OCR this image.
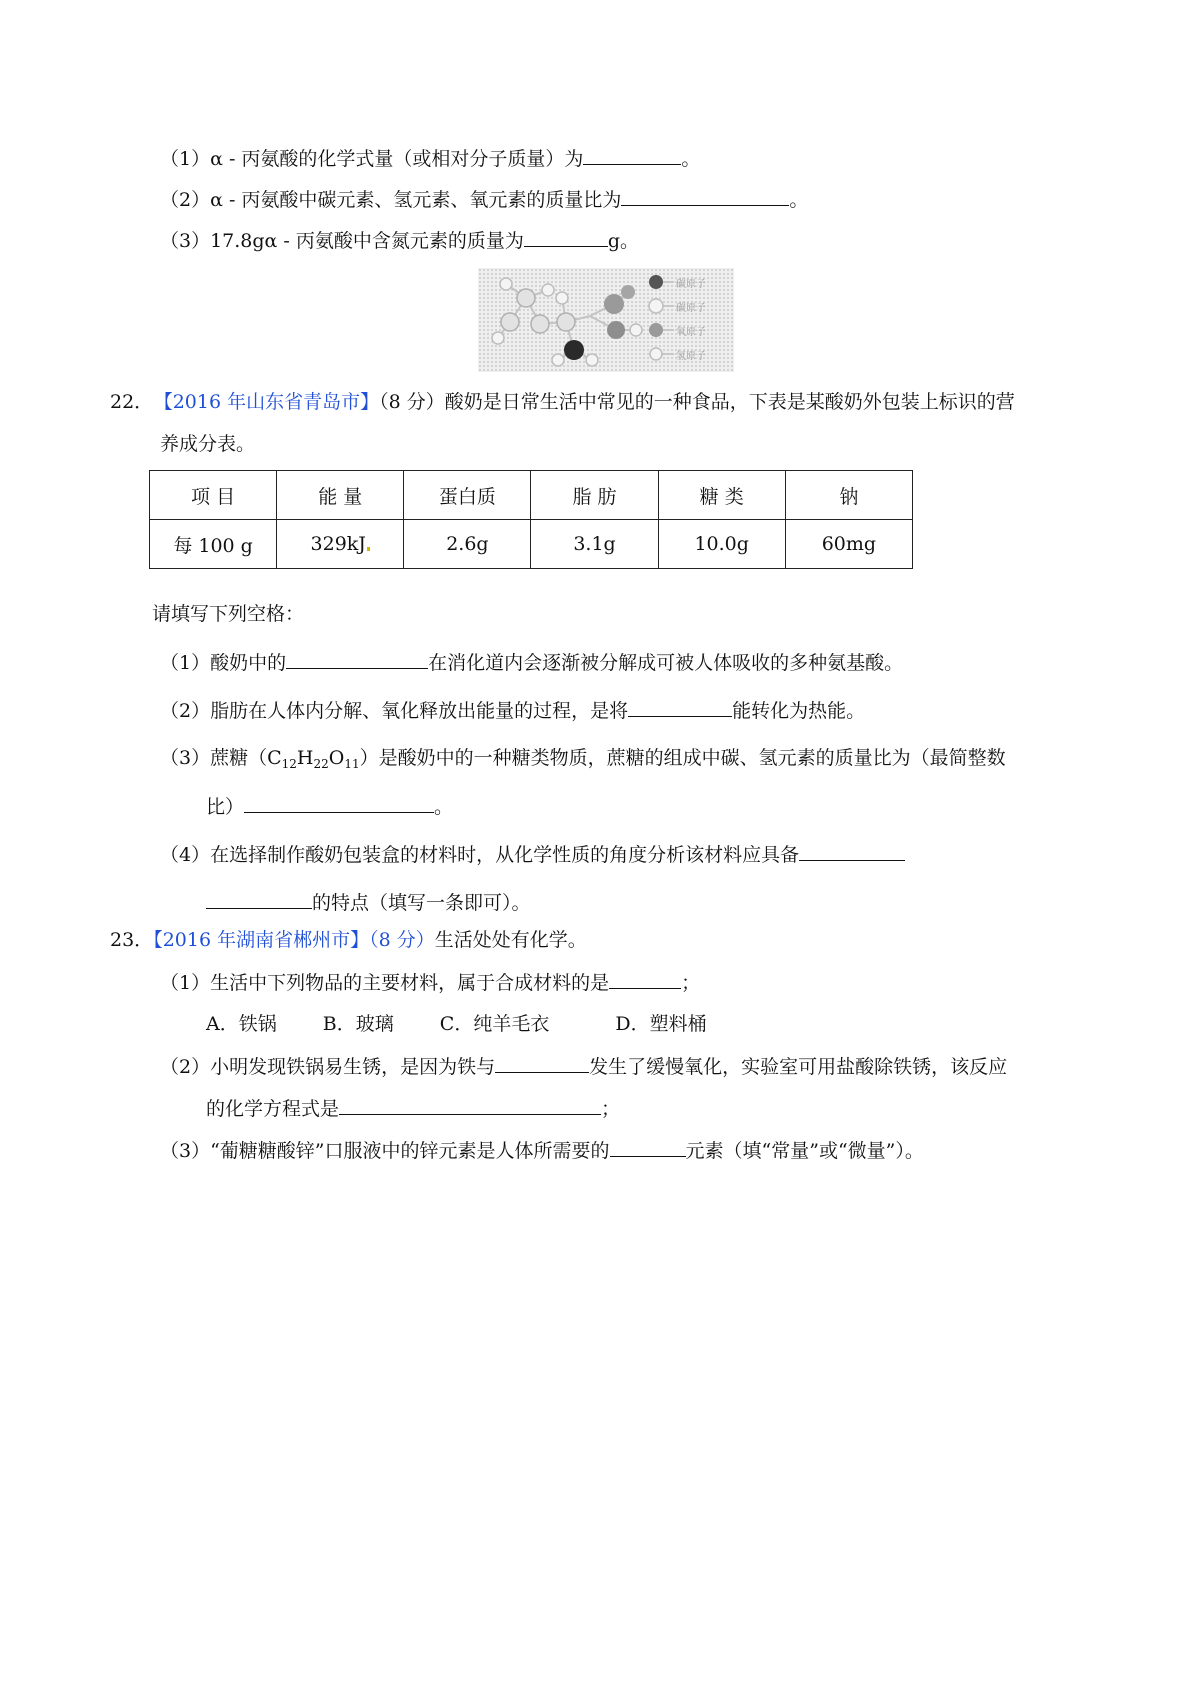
（1）α - 丙氨酸的化学式量（或相对分子质量）为	。
（2）α - 丙氨酸中碳元素、氢元素、氧元素的质量比为	。
（3）17.8gα - 丙氨酸中含氮元素的质量为	g。
碳原子
碳原子
氧原子
氢原子
22． 【2016 年山东省青岛市】（8 分）酸奶是日常生活中常见的一种食品，下表是某酸奶外包装上标识的营
养成分表。
项 目	能 量	蛋白质	脂 肪	糖 类	钠
每 100 g	329kJ	2.6g	3.1g	10.0g	60mg
请填写下列空格：
（1）酸奶中的	在消化道内会逐渐被分解成可被人体吸收的多种氨基酸。
（2）脂肪在人体内分解、氧化释放出能量的过程，是将	能转化为热能。
（3）蔗糖$(C_{12}H_{22}O_{11})$是酸奶中的一种糖类物质，蔗糖的组成中碳、氢元素的质量比为（最简整数
比）	。
（4）在选择制作酸奶包装盒的材料时，从化学性质的角度分析该材料应具备
的特点（填写一条即可）。
23．【2016 年湖南省郴州市】（8 分）生活处处有化学。
（1）生活中下列物品的主要材料，属于合成材料的是	；
A．铁锅 B．玻璃 C．纯羊毛衣	D．塑料桶
（2）小明发现铁锅易生锈，是因为铁与	发生了缓慢氧化，实验室可用盐酸除铁锈，该反应
的化学方程式是	；
（3）“葡糖糖酸锌”口服液中的锌元素是人体所需要的	元素（填“常量”或“微量”）。
